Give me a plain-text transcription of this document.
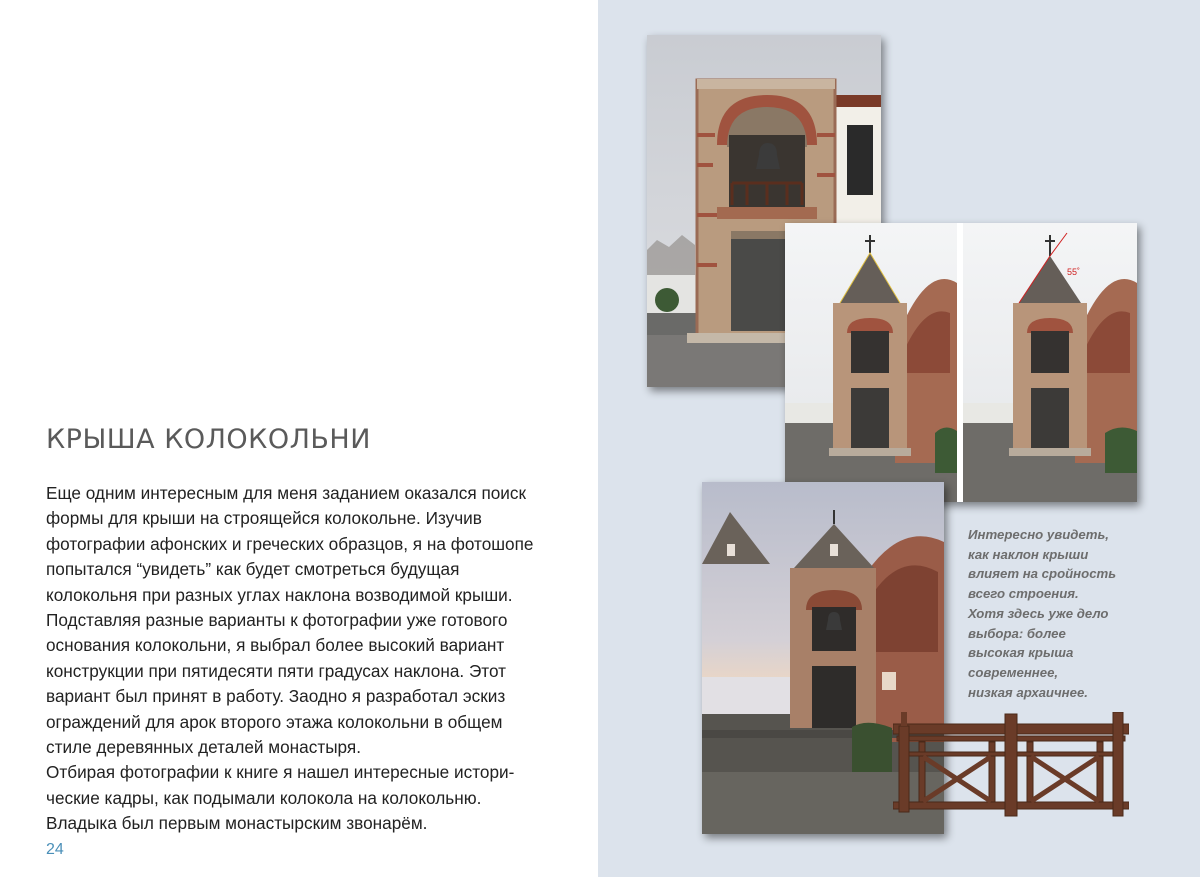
КРЫША КОЛОКОЛЬНИ

Еще одним интересным для меня заданием оказался поиск

формы для крыши на строящейся колокольне. Изучив

фотографии афонских и греческих образцов, я на фотошопе

попытался “увидеть” как будет смотреться будущая

колокольня при разных углах наклона возводимой крыши.

Подставляя разные варианты к фотографии уже готового

основания колокольни, я выбрал более высокий вариант

конструкции при пятидесяти пяти градусах наклона. Этот

вариант был принят в работу. Заодно я разработал эскиз

ограждений для арок второго этажа колокольни в общем

стиле деревянных деталей монастыря.

Отбирая фотографии к книге я нашел интересные истори-

ческие кадры, как подымали колокола на колокольню.

Владыка был первым монастырским звонарём.

24
55˚

Интересно увидеть,

как наклон крыши

влияет на сройность

всего строения.

Хотя здесь уже дело

выбора: более

высокая крыша

современнее,

низкая архаичнее.
